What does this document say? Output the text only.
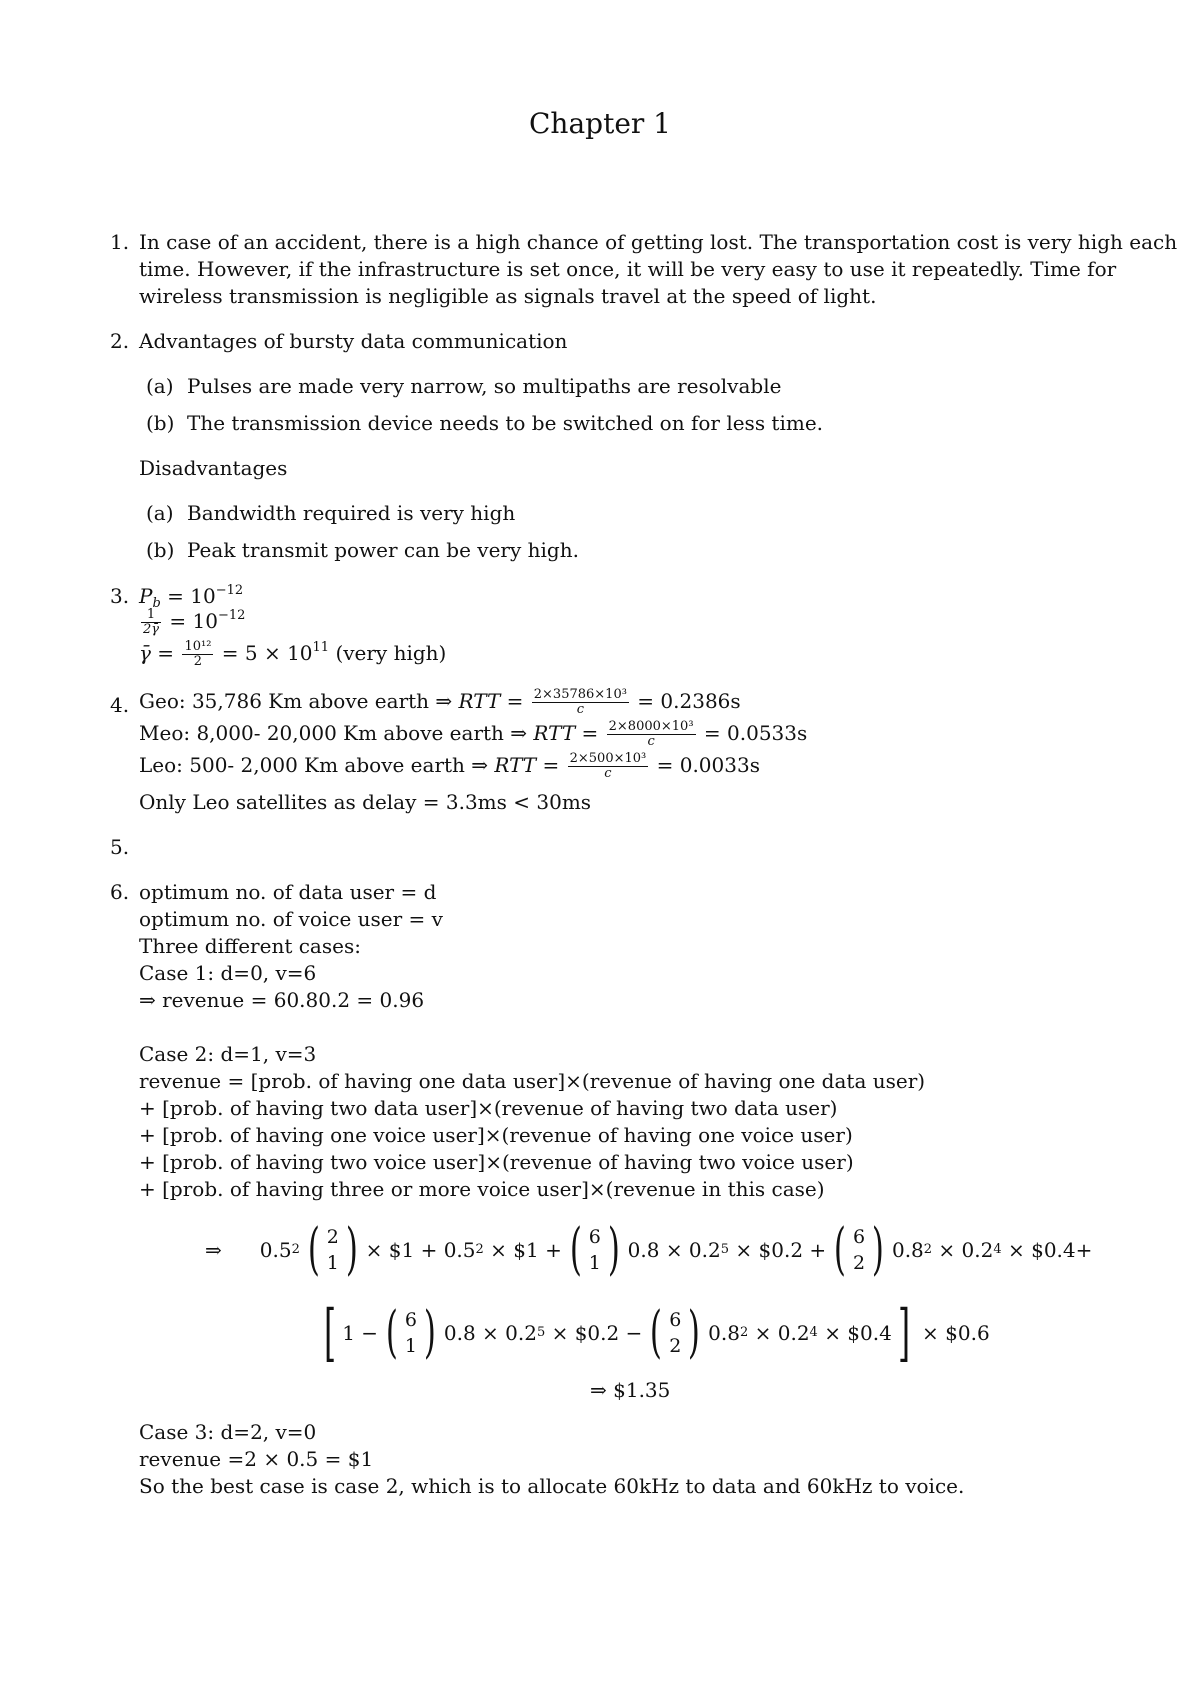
Chapter 1
1. In case of an accident, there is a high chance of getting lost. The transportation cost is very high each
time. However, if the infrastructure is set once, it will be very easy to use it repeatedly. Time for
wireless transmission is negligible as signals travel at the speed of light.
2. Advantages of bursty data communication
(a) Pulses are made very narrow, so multipaths are resolvable
(b) The transmission device needs to be switched on for less time.
Disadvantages
(a) Bandwidth required is very high
(b) Peak transmit power can be very high.
3. $P_b = 10^{-12}$
$\frac{1}{2\gammā} = 10^{-12}$
γ̄ = $\frac{\text{10¹²}}{2} = 5 \times 10^{11}$ (very high)
4. Geo: 35,786 Km above earth ⇒ RTT = $\frac{\text{2×35786×10³}}{c} = 0.2386s$
Meo: 8,000- 20,000 Km above earth ⇒ RTT = $\frac{\text{2×8000×10³}}{c} = 0.0533s$
Leo: 500- 2,000 Km above earth ⇒ RTT = $\frac{\text{2×500×10³}}{c} = 0.0033s$
Only Leo satellites as delay = 3.3ms < 30ms
5.
6. optimum no. of data user = d
optimum no. of voice user = v
Three different cases:
Case 1: d=0, v=6
⇒ revenue = 60.80.2 = 0.96
Case 2: d=1, v=3
revenue = [prob. of having one data user]×(revenue of having one data user)
+ [prob. of having two data user]×(revenue of having two data user)
+ [prob. of having one voice user]×(revenue of having one voice user)
+ [prob. of having two voice user]×(revenue of having two voice user)
+ [prob. of having three or more voice user]×(revenue in this case)
⇒ 0.5 2 ( 2
1 ) × $1 + 0.5 2
× $1 + ( 6
1 ) 0.8 × 0.2 5
× $0.2 + ( 6
2 ) 0.8 2
× 0.2 4
× $0.4+
[ 1 − ( 6
1 ) 0.8 × 0.2 5
× $0.2 − ( 6
2 ) 0.8 2
× 0.2 4
× $0.4 ] × $0.6
⇒ $1.35
Case 3: d=2, v=0
revenue =2 × 0.5 = $1
So the best case is case 2, which is to allocate 60kHz to data and 60kHz to voice.
